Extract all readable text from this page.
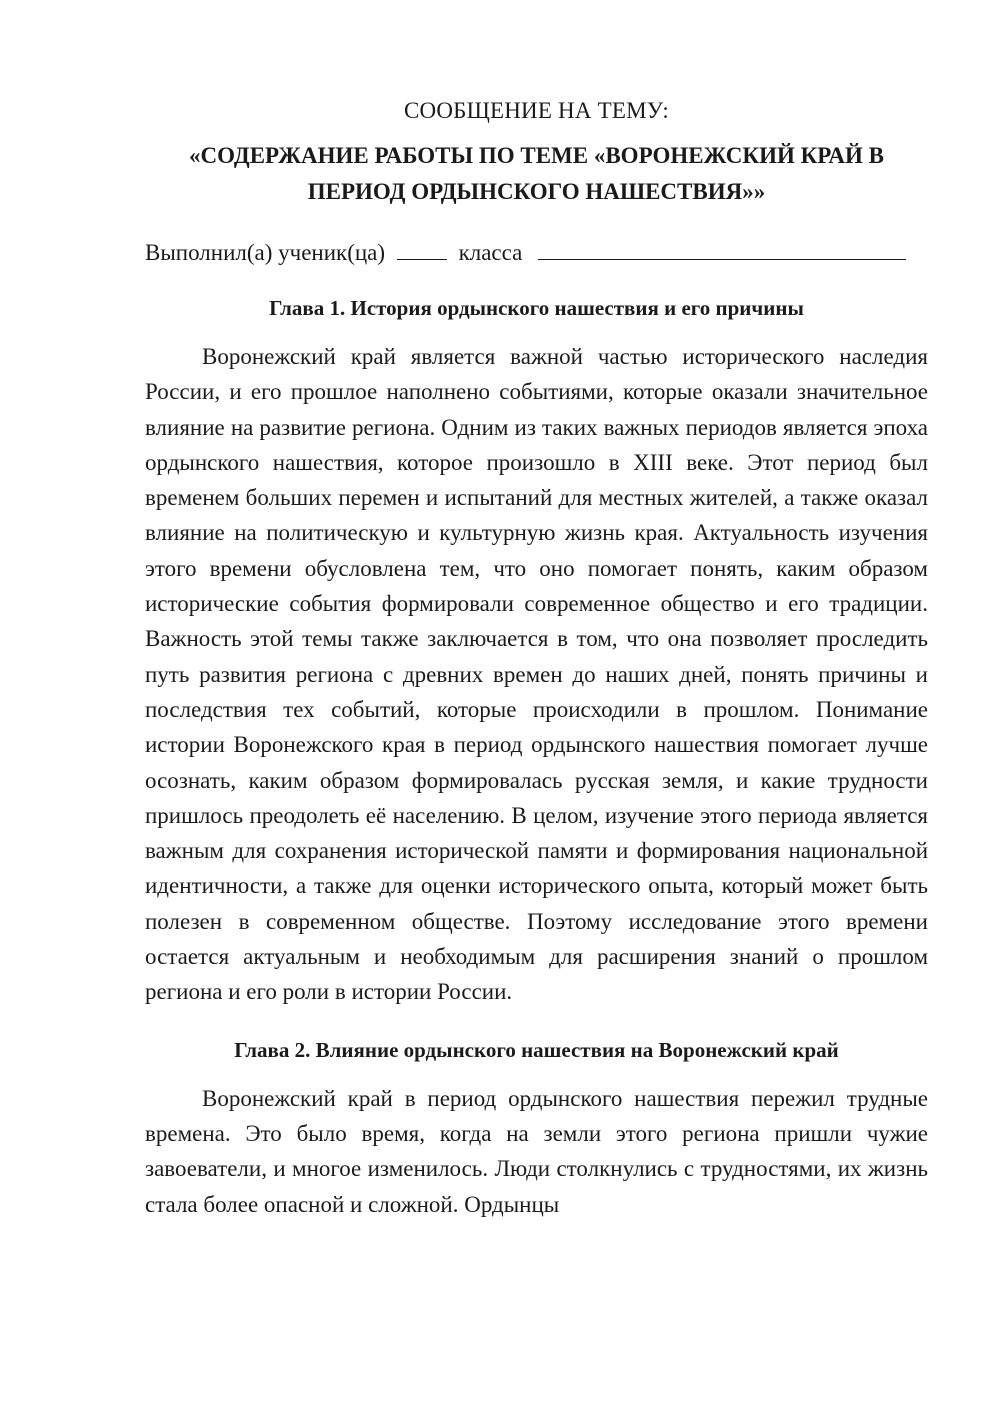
СООБЩЕНИЕ НА ТЕМУ:

«СОДЕРЖАНИЕ РАБОТЫ ПО ТЕМЕ «ВОРОНЕЖСКИЙ КРАЙ В ПЕРИОД ОРДЫНСКОГО НАШЕСТВИЯ»»

Выполнил(а) ученик(ца)	класса
Глава 1. История ордынского нашествия и его причины

Воронежский край является важной частью исторического наследия России, и его прошлое наполнено событиями, которые оказали значительное влияние на развитие региона. Одним из таких важных периодов является эпоха ордынского нашествия, которое произошло в XIII веке. Этот период был временем больших перемен и испытаний для местных жителей, а также оказал влияние на политическую и культурную жизнь края. Актуальность изучения этого времени обусловлена тем, что оно помогает понять, каким образом исторические события формировали современное общество и его традиции. Важность этой темы также заключается в том, что она позволяет проследить путь развития региона с древних времен до наших дней, понять причины и последствия тех событий, которые происходили в прошлом. Понимание истории Воронежского края в период ордынского нашествия помогает лучше осознать, каким образом формировалась русская земля, и какие трудности пришлось преодолеть её населению. В целом, изучение этого периода является важным для сохранения исторической памяти и формирования национальной идентичности, а также для оценки исторического опыта, который может быть полезен в современном обществе. Поэтому исследование этого времени остается актуальным и необходимым для расширения знаний о прошлом региона и его роли в истории России.

Глава 2. Влияние ордынского нашествия на Воронежский край

Воронежский край в период ордынского нашествия пережил трудные времена. Это было время, когда на земли этого региона пришли чужие завоеватели, и многое изменилось. Люди столкнулись с трудностями, их жизнь стала более опасной и сложной. Ордынцы
